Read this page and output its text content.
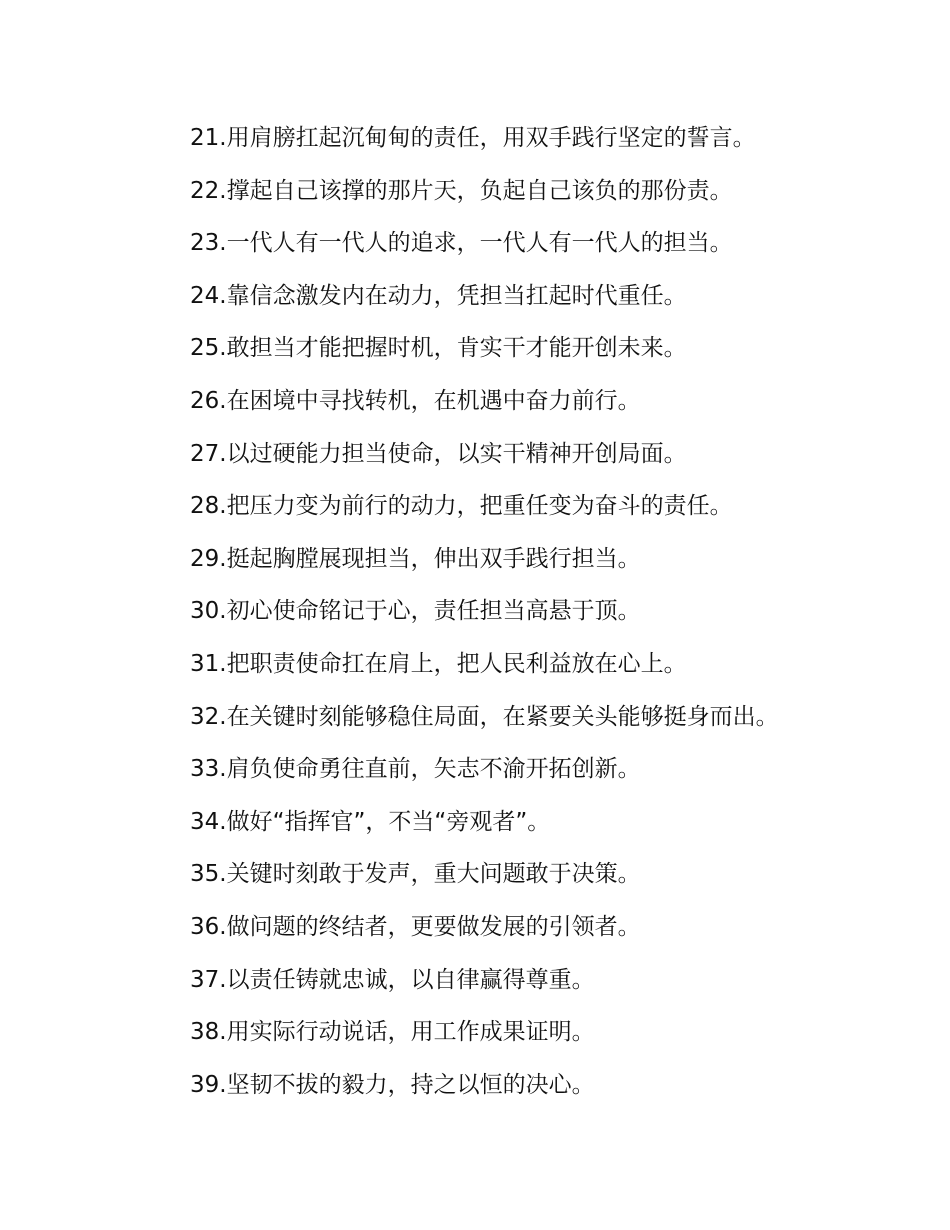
21.用肩膀扛起沉甸甸的责任，用双手践行坚定的誓言。
22.撑起自己该撑的那片天，负起自己该负的那份责。
23.一代人有一代人的追求，一代人有一代人的担当。
24.靠信念激发内在动力，凭担当扛起时代重任。
25.敢担当才能把握时机，肯实干才能开创未来。
26.在困境中寻找转机，在机遇中奋力前行。
27.以过硬能力担当使命，以实干精神开创局面。
28.把压力变为前行的动力，把重任变为奋斗的责任。
29.挺起胸膛展现担当，伸出双手践行担当。
30.初心使命铭记于心，责任担当高悬于顶。
31.把职责使命扛在肩上，把人民利益放在心上。
32.在关键时刻能够稳住局面，在紧要关头能够挺身而出。
33.肩负使命勇往直前，矢志不渝开拓创新。
34.做好“指挥官”，不当“旁观者”。
35.关键时刻敢于发声，重大问题敢于决策。
36.做问题的终结者，更要做发展的引领者。
37.以责任铸就忠诚，以自律赢得尊重。
38.用实际行动说话，用工作成果证明。
39.坚韧不拔的毅力，持之以恒的决心。
